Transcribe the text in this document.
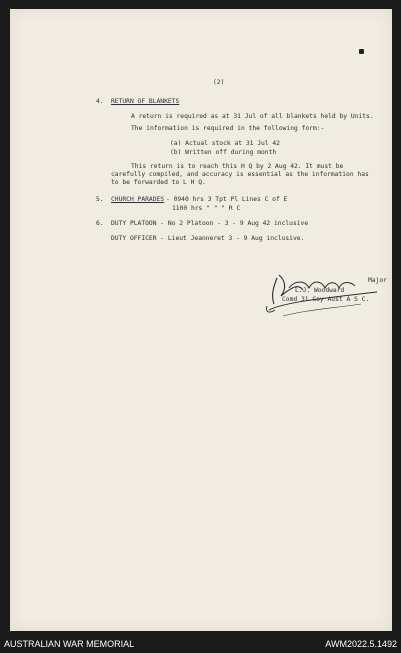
(2)
4. RETURN OF BLANKETS
A return is required as at 31 Jul of all blankets held by Units.
The information is required in the following form:-
(a) Actual stock at 31 Jul 42
(b) Written off during month
This return is to reach this H Q by 2 Aug 42. It must be
carefully compiled, and accuracy is essential as the information has
to be forwarded to L H Q.
5. CHURCH PARADES - 0940 hrs 3 Tpt Pl Lines C of E
1100 hrs " " " R C
6. DUTY PLATOON - No 2 Platoon - 3 - 9 Aug 42 inclusive
DUTY OFFICER - Lieut Jeanneret 3 - 9 Aug inclusive.
Major
L.J. Woodward
Comd 31 Coy Aust A S C.
AUSTRALIAN WAR MEMORIAL	AWM2022.5.1492
